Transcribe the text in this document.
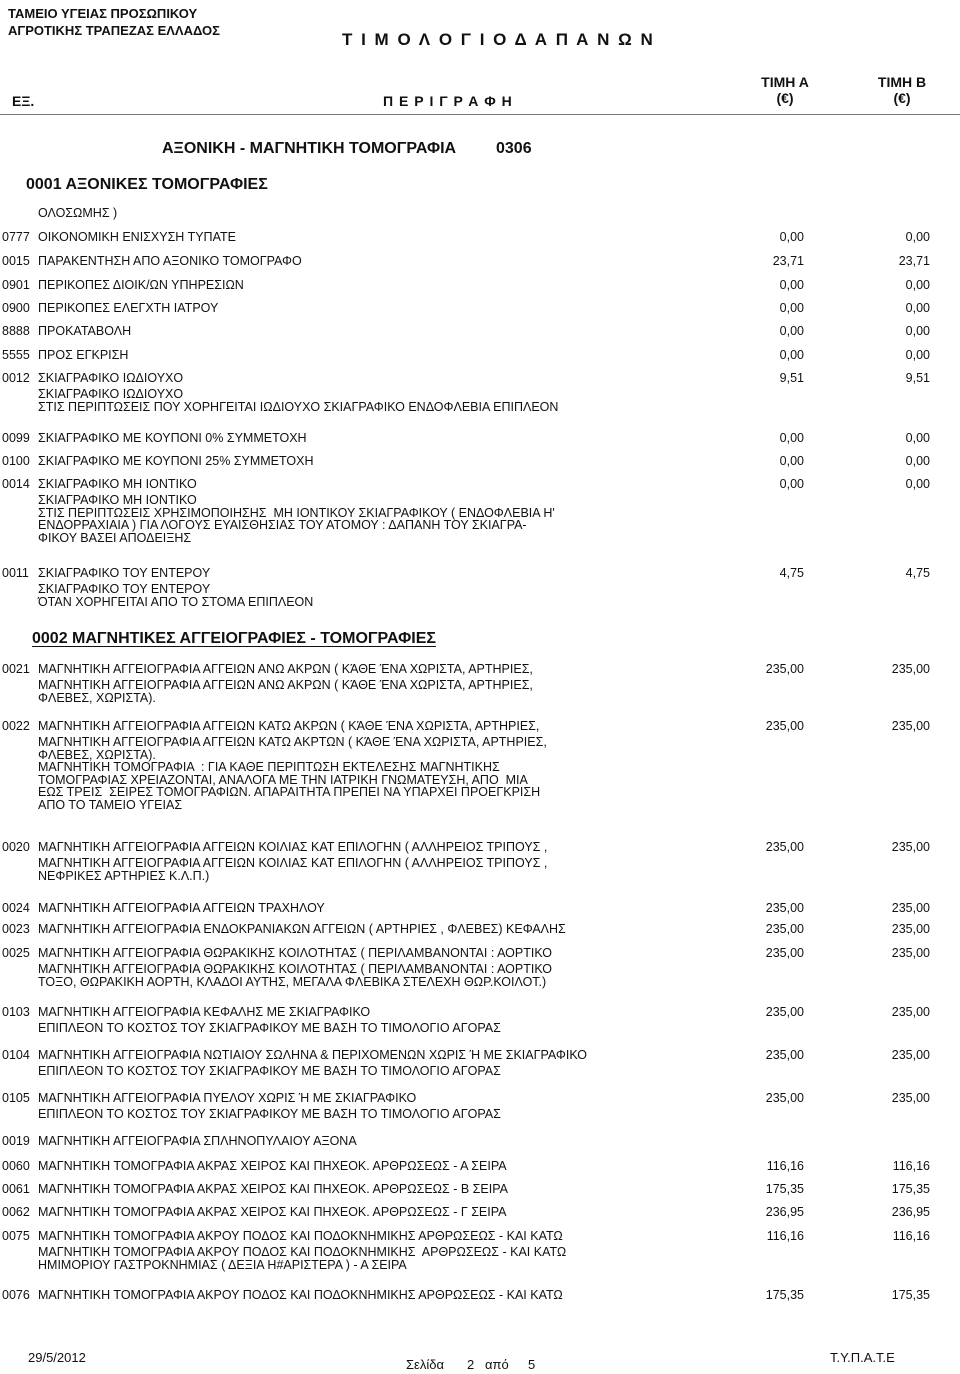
ΤΑΜΕΙΟ ΥΓΕΙΑΣ ΠΡΟΣΩΠΙΚΟΥ
ΑΓΡΟΤΙΚΗΣ ΤΡΑΠΕΖΑΣ ΕΛΛΑΔΟΣ	Τ Ι Μ Ο Λ Ο Γ Ι Ο Δ Α Π Α Ν Ω Ν
ΕΞ.	Π Ε Ρ Ι Γ Ρ Α Φ Η
ΤΙΜΗ Α
(€)
ΤΙΜΗ Β
(€)
ΑΞΟΝΙΚΗ - ΜΑΓΝΗΤΙΚΗ ΤΟΜΟΓΡΑΦΙΑ 0306
0001 ΑΞΟΝΙΚΕΣ ΤΟΜΟΓΡΑΦΙΕΣ
ΟΛΟΣΩΜΗΣ )
0777 ΟΙΚΟΝΟΜΙΚΗ ΕΝΙΣΧΥΣΗ ΤΥΠΑΤΕ	0,00	0,00
0015 ΠΑΡΑΚΕΝΤΗΣΗ ΑΠΟ ΑΞΟΝΙΚΟ ΤΟΜΟΓΡΑΦΟ	23,71	23,71
0901 ΠΕΡΙΚΟΠΕΣ ΔΙΟΙΚ/ΩΝ ΥΠΗΡΕΣΙΩΝ	0,00	0,00
0900 ΠΕΡΙΚΟΠΕΣ ΕΛΕΓΧΤΗ ΙΑΤΡΟΥ	0,00	0,00
8888 ΠΡΟΚΑΤΑΒΟΛΗ	0,00	0,00
5555 ΠΡΟΣ ΕΓΚΡΙΣΗ	0,00	0,00
0012 ΣΚΙΑΓΡΑΦΙΚΟ ΙΩΔΙΟΥΧΟ	9,51	9,51
ΣΚΙΑΓΡΑΦΙΚΟ ΙΩΔΙΟΥΧΟ
ΣΤΙΣ ΠΕΡΙΠΤΩΣΕΙΣ ΠΟΥ ΧΟΡΗΓΕΙΤΑΙ ΙΩΔΙΟΥΧΟ ΣΚΙΑΓΡΑΦΙΚΟ ΕΝΔΟΦΛΕΒΙΑ ΕΠΙΠΛΕΟΝ
0099 ΣΚΙΑΓΡΑΦΙΚΟ ΜΕ ΚΟΥΠΟΝΙ 0% ΣΥΜΜΕΤΟΧΗ	0,00	0,00
0100 ΣΚΙΑΓΡΑΦΙΚΟ ΜΕ ΚΟΥΠΟΝΙ 25% ΣΥΜΜΕΤΟΧΗ	0,00	0,00
0014 ΣΚΙΑΓΡΑΦΙΚΟ ΜΗ ΙΟΝΤΙΚΟ	0,00	0,00
ΣΚΙΑΓΡΑΦΙΚΟ ΜΗ ΙΟΝΤΙΚΟ
ΣΤΙΣ ΠΕΡΙΠΤΩΣΕΙΣ ΧΡΗΣΙΜΟΠΟΙΗΣΗΣ  ΜΗ ΙΟΝΤΙΚΟΥ ΣΚΙΑΓΡΑΦΙΚΟΥ ( ΕΝΔΟΦΛΕΒΙΑ Η'
ΕΝΔΟΡΡΑΧΙΑΙΑ ) ΓΙΑ ΛΟΓΟΥΣ ΕΥΑΙΣΘΗΣΙΑΣ ΤΟΥ ΑΤΟΜΟΥ : ΔΑΠΑΝΗ ΤΟΥ ΣΚΙΑΓΡΑ-
ΦΙΚΟΥ ΒΑΣΕΙ ΑΠΟΔΕΙΞΗΣ
0011 ΣΚΙΑΓΡΑΦΙΚΟ ΤΟΥ ΕΝΤΕΡΟΥ	4,75	4,75
ΣΚΙΑΓΡΑΦΙΚΟ ΤΟΥ ΕΝΤΕΡΟΥ
ΌΤΑΝ ΧΟΡΗΓΕΙΤΑΙ ΑΠΟ ΤΟ ΣΤΟΜΑ ΕΠΙΠΛΕΟΝ
0002 ΜΑΓΝΗΤΙΚΕΣ ΑΓΓΕΙΟΓΡΑΦΙΕΣ - ΤΟΜΟΓΡΑΦΙΕΣ
0021 ΜΑΓΝΗΤΙΚΗ ΑΓΓΕΙΟΓΡΑΦΙΑ ΑΓΓΕΙΩΝ ΑΝΩ ΑΚΡΩΝ ( ΚΆΘΕ ΈΝΑ ΧΩΡΙΣΤΑ, ΑΡΤΗΡΙΕΣ,	235,00	235,00
ΜΑΓΝΗΤΙΚΗ ΑΓΓΕΙΟΓΡΑΦΙΑ ΑΓΓΕΙΩΝ ΑΝΩ ΑΚΡΩΝ ( ΚΆΘΕ ΈΝΑ ΧΩΡΙΣΤΑ, ΑΡΤΗΡΙΕΣ,
ΦΛΕΒΕΣ, ΧΩΡΙΣΤΑ).
0022 ΜΑΓΝΗΤΙΚΗ ΑΓΓΕΙΟΓΡΑΦΙΑ ΑΓΓΕΙΩΝ ΚΑΤΩ ΑΚΡΩΝ ( ΚΆΘΕ ΈΝΑ ΧΩΡΙΣΤΑ, ΑΡΤΗΡΙΕΣ,	235,00	235,00
ΜΑΓΝΗΤΙΚΗ ΑΓΓΕΙΟΓΡΑΦΙΑ ΑΓΓΕΙΩΝ ΚΑΤΩ ΑΚΡΤΩΝ ( ΚΆΘΕ ΈΝΑ ΧΩΡΙΣΤΑ, ΑΡΤΗΡΙΕΣ,
ΦΛΕΒΕΣ, ΧΩΡΙΣΤΑ).
ΜΑΓΝΗΤΙΚΗ ΤΟΜΟΓΡΑΦΙΑ  : ΓΙΑ ΚΑΘΕ ΠΕΡΙΠΤΩΣΗ ΕΚΤΕΛΕΣΗΣ ΜΑΓΝΗΤΙΚΗΣ
ΤΟΜΟΓΡΑΦΙΑΣ ΧΡΕΙΑΖΟΝΤΑΙ, ΑΝΑΛΟΓΑ ΜΕ ΤΗΝ ΙΑΤΡΙΚΗ ΓΝΩΜΑΤΕΥΣΗ, ΑΠΟ  ΜΙΑ
ΕΩΣ ΤΡΕΙΣ  ΣΕΙΡΕΣ ΤΟΜΟΓΡΑΦΙΩΝ. ΑΠΑΡΑΙΤΗΤΑ ΠΡΕΠΕΙ ΝΑ ΥΠΑΡΧΕΙ ΠΡΟΕΓΚΡΙΣΗ
ΑΠΟ ΤΟ ΤΑΜΕΙΟ ΥΓΕΙΑΣ
0020 ΜΑΓΝΗΤΙΚΗ ΑΓΓΕΙΟΓΡΑΦΙΑ ΑΓΓΕΙΩΝ ΚΟΙΛΙΑΣ ΚΑΤ ΕΠΙΛΟΓΗΝ ( ΑΛΛΗΡΕΙΟΣ ΤΡΙΠΟΥΣ ,	235,00	235,00
ΜΑΓΝΗΤΙΚΗ ΑΓΓΕΙΟΓΡΑΦΙΑ ΑΓΓΕΙΩΝ ΚΟΙΛΙΑΣ ΚΑΤ ΕΠΙΛΟΓΗΝ ( ΑΛΛΗΡΕΙΟΣ ΤΡΙΠΟΥΣ ,
ΝΕΦΡΙΚΕΣ ΑΡΤΗΡΙΕΣ Κ.Λ.Π.)
0024 ΜΑΓΝΗΤΙΚΗ ΑΓΓΕΙΟΓΡΑΦΙΑ ΑΓΓΕΙΩΝ ΤΡΑΧΗΛΟΥ	235,00	235,00
0023 ΜΑΓΝΗΤΙΚΗ ΑΓΓΕΙΟΓΡΑΦΙΑ ΕΝΔΟΚΡΑΝΙΑΚΩΝ ΑΓΓΕΙΩΝ ( ΑΡΤΗΡΙΕΣ , ΦΛΕΒΕΣ) ΚΕΦΑΛΗΣ	235,00	235,00
0025 ΜΑΓΝΗΤΙΚΗ ΑΓΓΕΙΟΓΡΑΦΙΑ ΘΩΡΑΚΙΚΗΣ ΚΟΙΛΟΤΗΤΑΣ ( ΠΕΡΙΛΑΜΒΑΝΟΝΤΑΙ : ΑΟΡΤΙΚΟ	235,00	235,00
ΜΑΓΝΗΤΙΚΗ ΑΓΓΕΙΟΓΡΑΦΙΑ ΘΩΡΑΚΙΚΗΣ ΚΟΙΛΟΤΗΤΑΣ ( ΠΕΡΙΛΑΜΒΑΝΟΝΤΑΙ : ΑΟΡΤΙΚΟ
ΤΟΞΟ, ΘΩΡΑΚΙΚΗ ΑΟΡΤΗ, ΚΛΑΔΟΙ ΑΥΤΗΣ, ΜΕΓΑΛΑ ΦΛΕΒΙΚΑ ΣΤΕΛΕΧΗ ΘΩΡ.ΚΟΙΛΟΤ.)
0103 ΜΑΓΝΗΤΙΚΗ ΑΓΓΕΙΟΓΡΑΦΙΑ ΚΕΦΑΛΗΣ ΜΕ ΣΚΙΑΓΡΑΦΙΚΟ	235,00	235,00
ΕΠΙΠΛΕΟΝ ΤΟ ΚΟΣΤΟΣ ΤΟΥ ΣΚΙΑΓΡΑΦΙΚΟΥ ΜΕ ΒΑΣΗ ΤΟ ΤΙΜΟΛΟΓΙΟ ΑΓΟΡΑΣ
0104 ΜΑΓΝΗΤΙΚΗ ΑΓΓΕΙΟΓΡΑΦΙΑ ΝΩΤΙΑΙΟΥ ΣΩΛΗΝΑ & ΠΕΡΙΧΟΜΕΝΩΝ ΧΩΡΙΣ Ή ΜΕ ΣΚΙΑΓΡΑΦΙΚΟ	235,00	235,00
ΕΠΙΠΛΕΟΝ ΤΟ ΚΟΣΤΟΣ ΤΟΥ ΣΚΙΑΓΡΑΦΙΚΟΥ ΜΕ ΒΑΣΗ ΤΟ ΤΙΜΟΛΟΓΙΟ ΑΓΟΡΑΣ
0105 ΜΑΓΝΗΤΙΚΗ ΑΓΓΕΙΟΓΡΑΦΙΑ ΠΥΕΛΟΥ ΧΩΡΙΣ Ή ΜΕ ΣΚΙΑΓΡΑΦΙΚΟ	235,00	235,00
ΕΠΙΠΛΕΟΝ ΤΟ ΚΟΣΤΟΣ ΤΟΥ ΣΚΙΑΓΡΑΦΙΚΟΥ ΜΕ ΒΑΣΗ ΤΟ ΤΙΜΟΛΟΓΙΟ ΑΓΟΡΑΣ
0019 ΜΑΓΝΗΤΙΚΗ ΑΓΓΕΙΟΓΡΑΦΙΑ ΣΠΛΗΝΟΠΥΛΑΙΟΥ ΑΞΟΝΑ
0060 ΜΑΓΝΗΤΙΚΗ ΤΟΜΟΓΡΑΦΙΑ ΑΚΡΑΣ ΧΕΙΡΟΣ ΚΑΙ ΠΗΧΕΟΚ. ΑΡΘΡΩΣΕΩΣ - Α ΣΕΙΡΑ	116,16	116,16
0061 ΜΑΓΝΗΤΙΚΗ ΤΟΜΟΓΡΑΦΙΑ ΑΚΡΑΣ ΧΕΙΡΟΣ ΚΑΙ ΠΗΧΕΟΚ. ΑΡΘΡΩΣΕΩΣ - Β ΣΕΙΡΑ	175,35	175,35
0062 ΜΑΓΝΗΤΙΚΗ ΤΟΜΟΓΡΑΦΙΑ ΑΚΡΑΣ ΧΕΙΡΟΣ ΚΑΙ ΠΗΧΕΟΚ. ΑΡΘΡΩΣΕΩΣ - Γ ΣΕΙΡΑ	236,95	236,95
0075 ΜΑΓΝΗΤΙΚΗ ΤΟΜΟΓΡΑΦΙΑ ΑΚΡΟΥ ΠΟΔΟΣ ΚΑΙ ΠΟΔΟΚΝΗΜΙΚΗΣ ΑΡΘΡΩΣΕΩΣ - ΚΑΙ ΚΑΤΩ	116,16	116,16
ΜΑΓΝΗΤΙΚΗ ΤΟΜΟΓΡΑΦΙΑ ΑΚΡΟΥ ΠΟΔΟΣ ΚΑΙ ΠΟΔΟΚΝΗΜΙΚΗΣ  ΑΡΘΡΩΣΕΩΣ - ΚΑΙ ΚΑΤΩ
ΗΜΙΜΟΡΙΟΥ ΓΑΣΤΡΟΚΝΗΜΙΑΣ ( ΔΕΞΙΑ Η#ΑΡΙΣΤΕΡΑ ) - Α ΣΕΙΡΑ
0076 ΜΑΓΝΗΤΙΚΗ ΤΟΜΟΓΡΑΦΙΑ ΑΚΡΟΥ ΠΟΔΟΣ ΚΑΙ ΠΟΔΟΚΝΗΜΙΚΗΣ ΑΡΘΡΩΣΕΩΣ - ΚΑΙ ΚΑΤΩ	175,35	175,35
29/5/2012	Σελίδα 2 από 5	Τ.Υ.Π.Α.Τ.Ε
